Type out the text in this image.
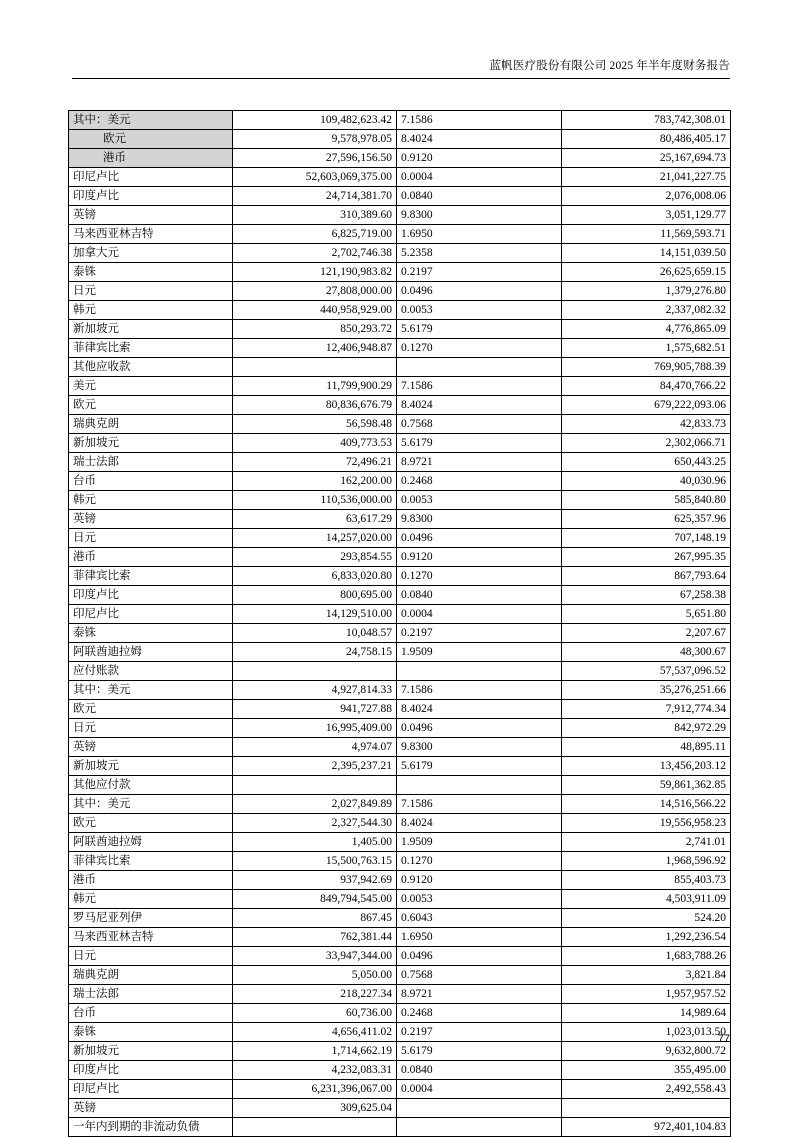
蓝帆医疗股份有限公司 2025 年半年度财务报告
其中：美元	109,482,623.42	7.1586	783,742,308.01
欧元	9,578,978.05	8.4024	80,486,405.17
港币	27,596,156.50	0.9120	25,167,694.73
印尼卢比	52,603,069,375.00	0.0004	21,041,227.75
印度卢比	24,714,381.70	0.0840	2,076,008.06
英镑	310,389.60	9.8300	3,051,129.77
马来西亚林吉特	6,825,719.00	1.6950	11,569,593.71
加拿大元	2,702,746.38	5.2358	14,151,039.50
泰铢	121,190,983.82	0.2197	26,625,659.15
日元	27,808,000.00	0.0496	1,379,276.80
韩元	440,958,929.00	0.0053	2,337,082.32
新加坡元	850,293.72	5.6179	4,776,865.09
菲律宾比索	12,406,948.87	0.1270	1,575,682.51
其他应收款			769,905,788.39
美元	11,799,900.29	7.1586	84,470,766.22
欧元	80,836,676.79	8.4024	679,222,093.06
瑞典克朗	56,598.48	0.7568	42,833.73
新加坡元	409,773.53	5.6179	2,302,066.71
瑞士法郎	72,496.21	8.9721	650,443.25
台币	162,200.00	0.2468	40,030.96
韩元	110,536,000.00	0.0053	585,840.80
英镑	63,617.29	9.8300	625,357.96
日元	14,257,020.00	0.0496	707,148.19
港币	293,854.55	0.9120	267,995.35
菲律宾比索	6,833,020.80	0.1270	867,793.64
印度卢比	800,695.00	0.0840	67,258.38
印尼卢比	14,129,510.00	0.0004	5,651.80
泰铢	10,048.57	0.2197	2,207.67
阿联酋迪拉姆	24,758.15	1.9509	48,300.67
应付账款			57,537,096.52
其中：美元	4,927,814.33	7.1586	35,276,251.66
欧元	941,727.88	8.4024	7,912,774.34
日元	16,995,409.00	0.0496	842,972.29
英镑	4,974.07	9.8300	48,895.11
新加坡元	2,395,237.21	5.6179	13,456,203.12
其他应付款			59,861,362.85
其中：美元	2,027,849.89	7.1586	14,516,566.22
欧元	2,327,544.30	8.4024	19,556,958.23
阿联酋迪拉姆	1,405.00	1.9509	2,741.01
菲律宾比索	15,500,763.15	0.1270	1,968,596.92
港币	937,942.69	0.9120	855,403.73
韩元	849,794,545.00	0.0053	4,503,911.09
罗马尼亚列伊	867.45	0.6043	524.20
马来西亚林吉特	762,381.44	1.6950	1,292,236.54
日元	33,947,344.00	0.0496	1,683,788.26
瑞典克朗	5,050.00	0.7568	3,821.84
瑞士法郎	218,227.34	8.9721	1,957,957.52
台币	60,736.00	0.2468	14,989.64
泰铢	4,656,411.02	0.2197	1,023,013.50
新加坡元	1,714,662.19	5.6179	9,632,800.72
印度卢比	4,232,083.31	0.0840	355,495.00
印尼卢比	6,231,396,067.00	0.0004	2,492,558.43
英镑	309,625.04		
一年内到期的非流动负债			972,401,104.83
77
